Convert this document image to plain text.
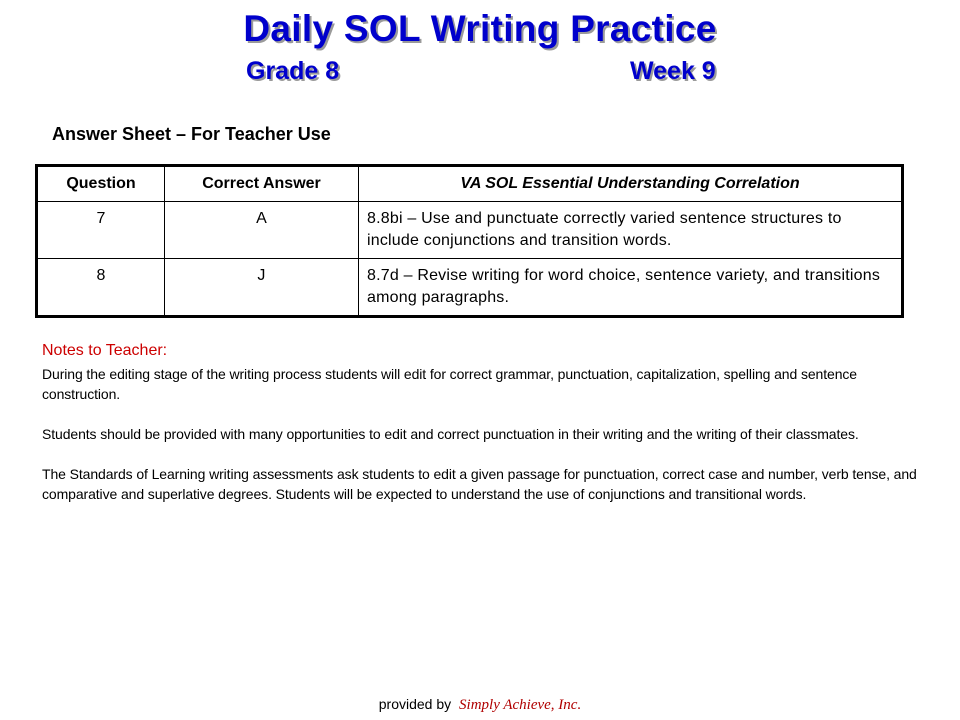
Daily SOL Writing Practice
Grade 8	Week 9
Answer Sheet – For Teacher Use
Question	Correct Answer	VA SOL Essential Understanding Correlation
7	A	8.8bi – Use and punctuate correctly varied sentence structures to include conjunctions and transition words.
8	J	8.7d – Revise writing for word choice, sentence variety, and transitions among paragraphs.
Notes to Teacher:

During the editing stage of the writing process students will edit for correct grammar, punctuation, capitalization, spelling and sentence construction.

Students should be provided with many opportunities to edit and correct punctuation in their writing and the writing of their classmates.

The Standards of Learning writing assessments ask students to edit a given passage for punctuation, correct case and number, verb tense, and comparative and superlative degrees. Students will be expected to understand the use of conjunctions and transitional words.

provided by Simply Achieve, Inc.
